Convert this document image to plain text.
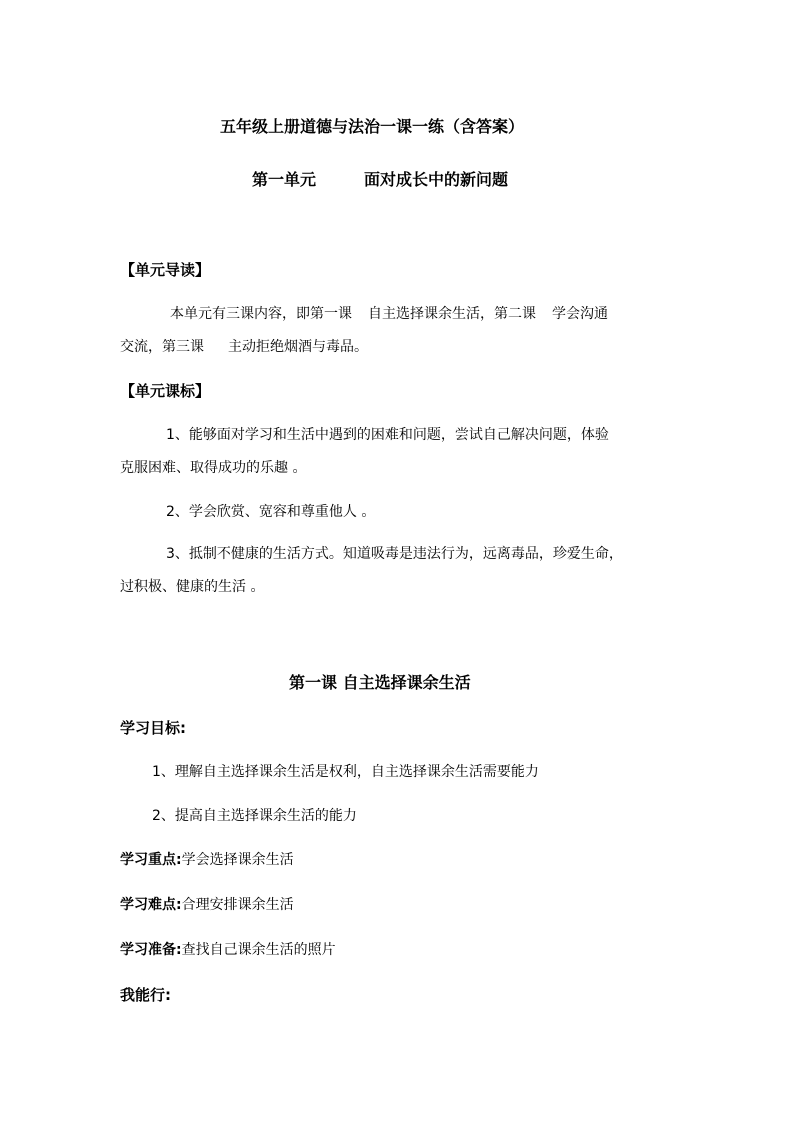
五年级上册道德与法治一课一练（含答案）
第一单元	面对成长中的新问题
【单元导读】
本单元有三课内容，即第一课 自主选择课余生活，第二课 学会沟通
交流，第三课 主动拒绝烟酒与毒品。
【单元课标】
1、能够面对学习和生活中遇到的困难和问题，尝试自己解决问题，体验
克服困难、取得成功的乐趣 。
2、学会欣赏、宽容和尊重他人 。
3、抵制不健康的生活方式。知道吸毒是违法行为，远离毒品，珍爱生命，
过积极、健康的生活 。
第一课 自主选择课余生活
学习目标:
1、理解自主选择课余生活是权利，自主选择课余生活需要能力
2、提高自主选择课余生活的能力
学习重点:学会选择课余生活
学习难点:合理安排课余生活
学习准备:查找自己课余生活的照片
我能行:
